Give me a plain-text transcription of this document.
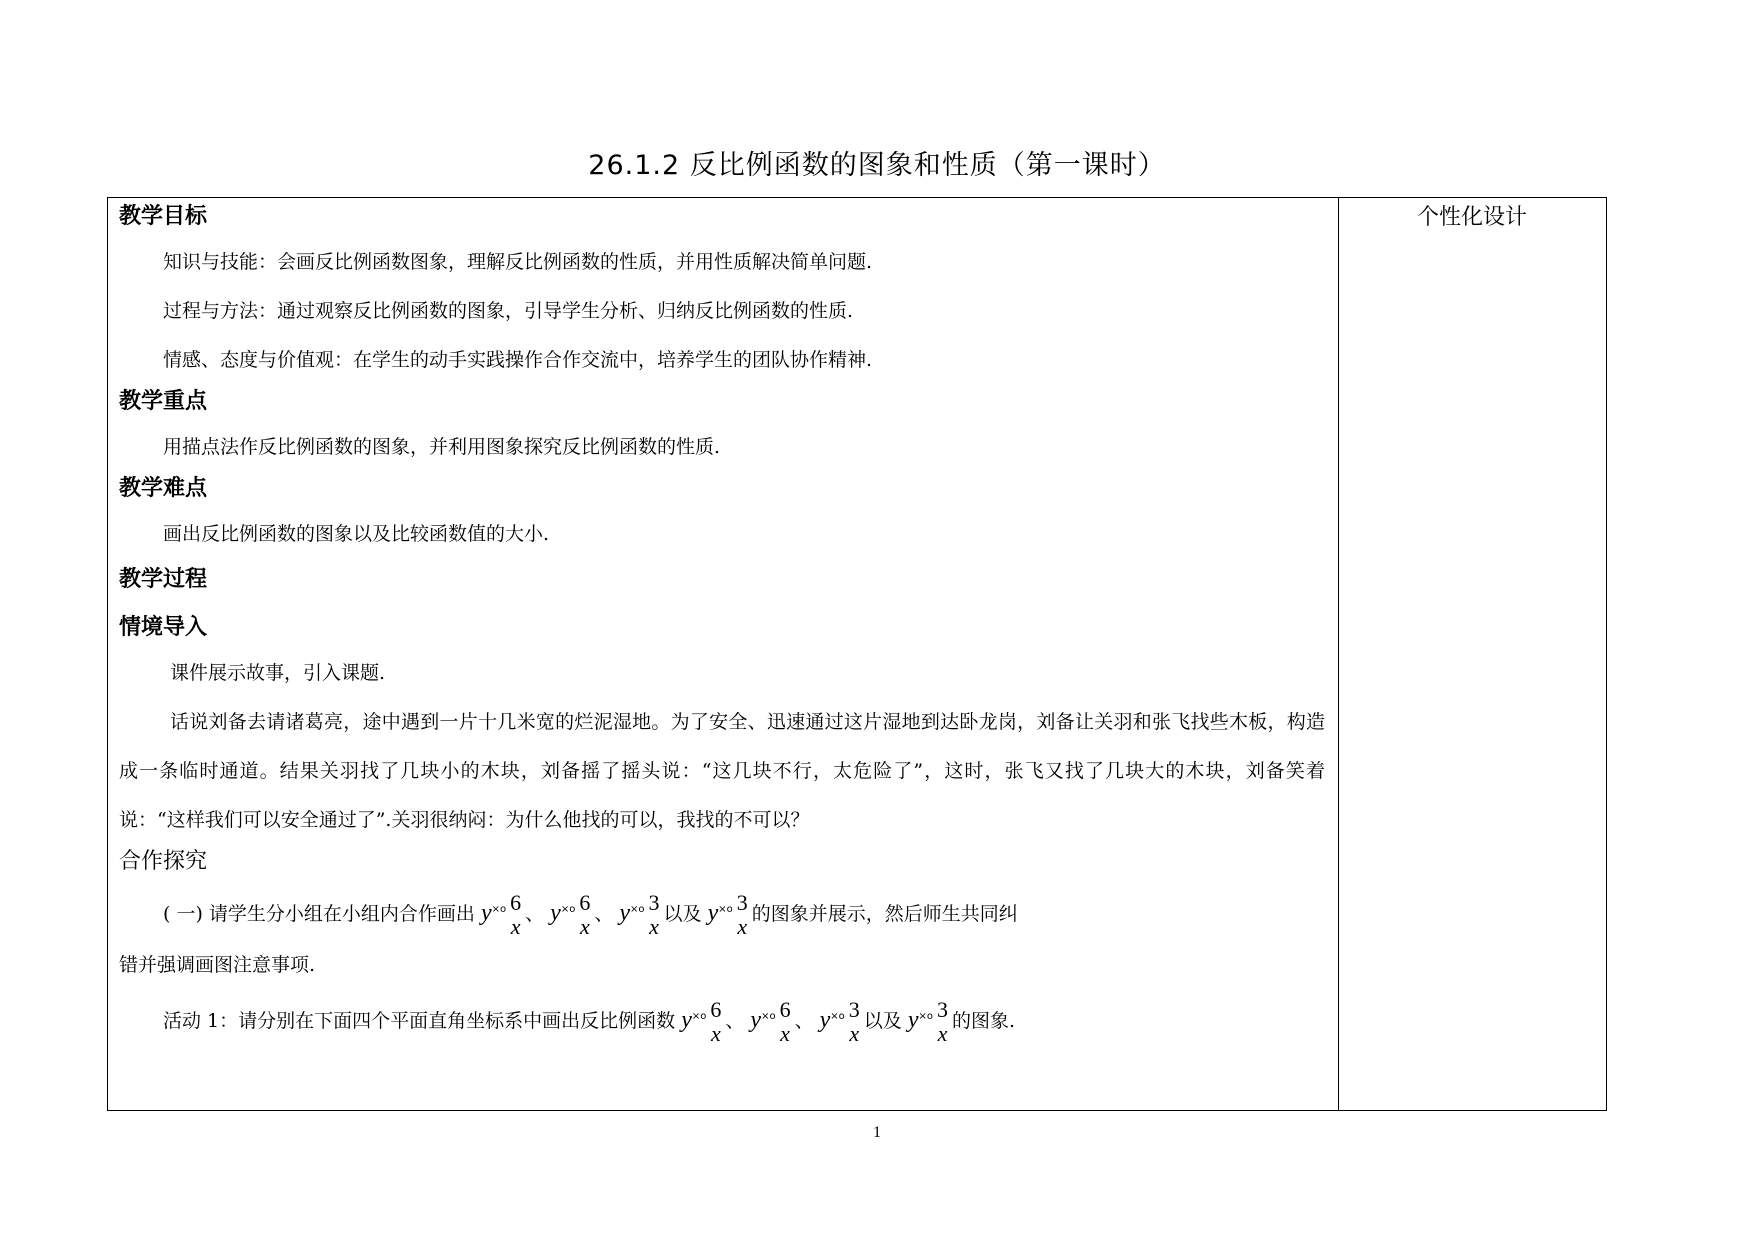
26.1.2 反比例函数的图象和性质（第一课时）
个性化设计
教学目标
知识与技能：会画反比例函数图象，理解反比例函数的性质，并用性质解决简单问题.
过程与方法：通过观察反比例函数的图象，引导学生分析、归纳反比例函数的性质.
情感、态度与价值观：在学生的动手实践操作合作交流中，培养学生的团队协作精神.
教学重点
用描点法作反比例函数的图象，并利用图象探究反比例函数的性质.
教学难点
画出反比例函数的图象以及比较函数值的大小.
教学过程
情境导入
课件展示故事，引入课题.
话说刘备去请诸葛亮，途中遇到一片十几米宽的烂泥湿地。为了安全、迅速通过这片湿地到达卧龙岗，刘备让关羽和张飞找些木板，构造成一条临时通道。结果关羽找了几块小的木块，刘备摇了摇头说：“这几块不行，太危险了”，这时，张飞又找了几块大的木块，刘备笑着说：“这样我们可以安全通过了”.关羽很纳闷：为什么他找的可以，我找的不可以？
合作探究
( 一) 请学生分小组在小组内合作画出 $y^{\times o}$ 6
x 、 $y^{\times o}$ 6
x 、 $y^{\times o}$ 3
x 以及 $y^{\times o}$ 3
x 的图象并展示，然后师生共同纠
错并强调画图注意事项.
活动 1：请分别在下面四个平面直角坐标系中画出反比例函数 $y^{\times o}$ 6
x 、 $y^{\times o}$ 6
x 、 $y^{\times o}$ 3
x 以及 $y^{\times o}$ 3
x 的图象.
1
